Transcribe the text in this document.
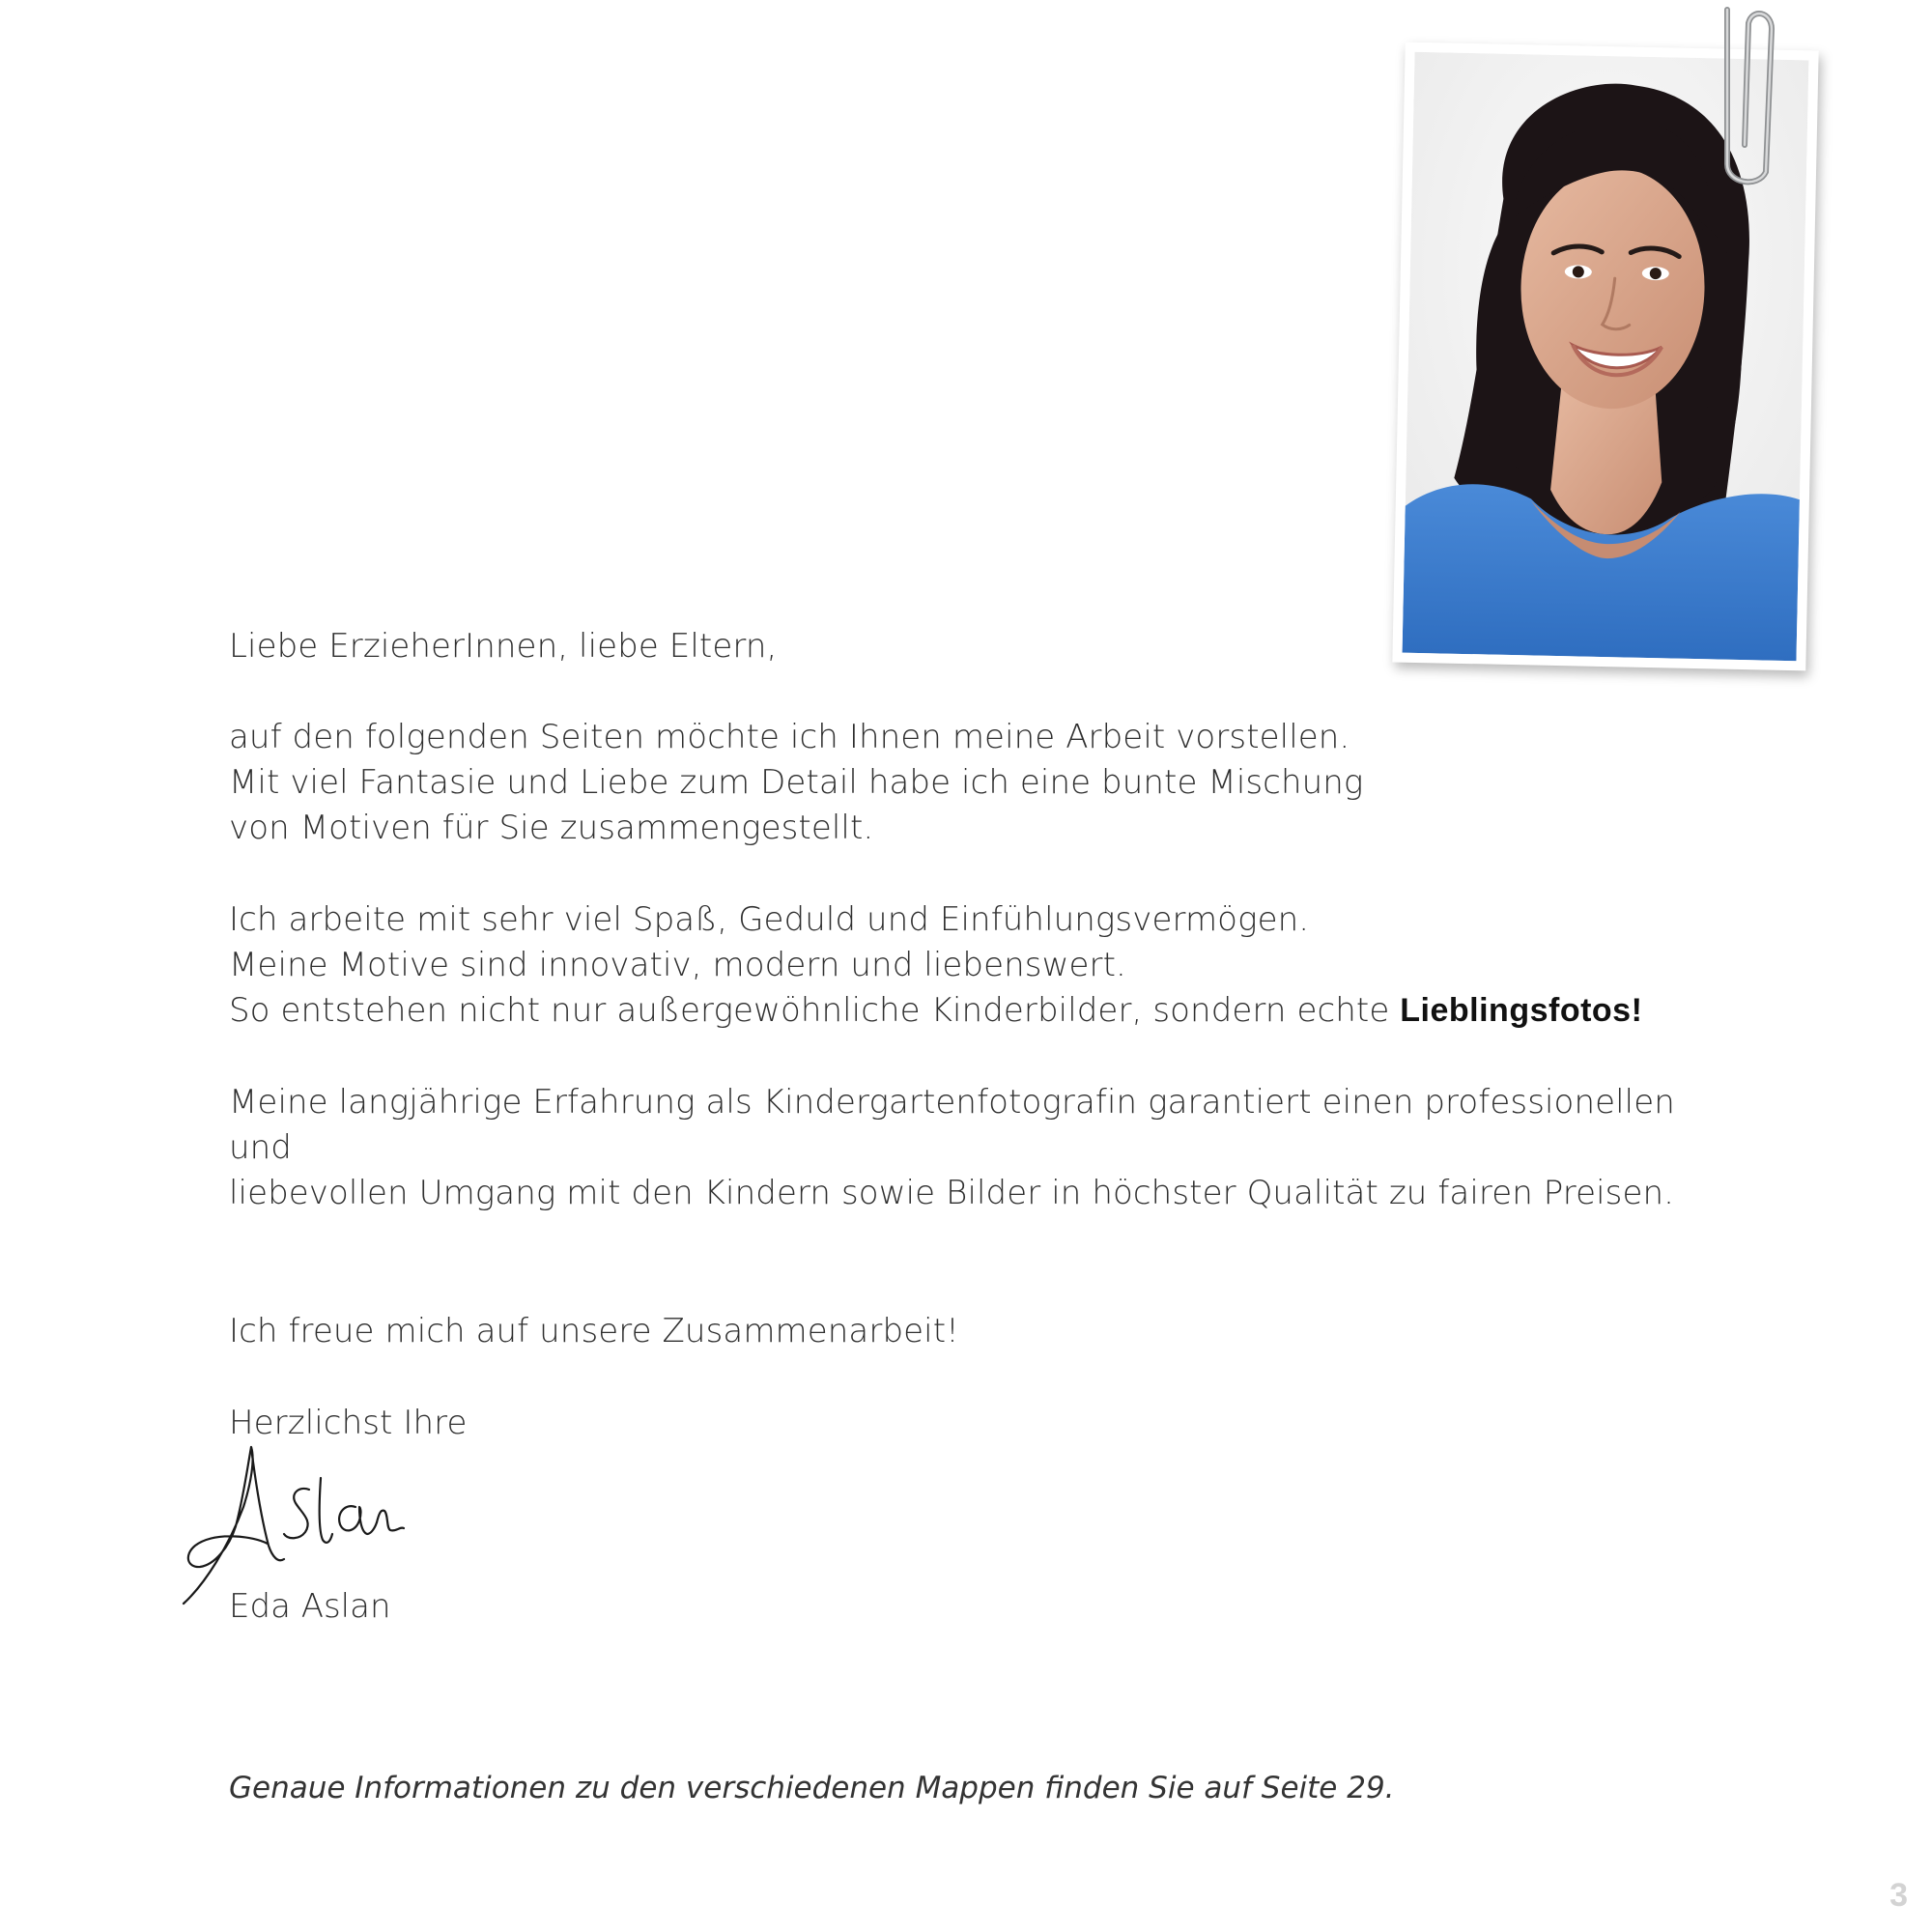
Liebe ErzieherInnen, liebe Eltern,

auf den folgenden Seiten möchte ich Ihnen meine Arbeit vorstellen.

Mit viel Fantasie und Liebe zum Detail habe ich eine bunte Mischung

von Motiven für Sie zusammengestellt.

Ich arbeite mit sehr viel Spaß, Geduld und Einfühlungsvermögen.

Meine Motive sind innovativ, modern und liebenswert.

So entstehen nicht nur außergewöhnliche Kinderbilder, sondern echte Lieblingsfotos!

Meine langjährige Erfahrung als Kindergartenfotografin garantiert einen professionellen und

liebevollen Umgang mit den Kindern sowie Bilder in höchster Qualität zu fairen Preisen.

Ich freue mich auf unsere Zusammenarbeit!

Herzlichst Ihre

Eda Aslan
Genaue Informationen zu den verschiedenen Mappen finden Sie auf Seite 29.
3
